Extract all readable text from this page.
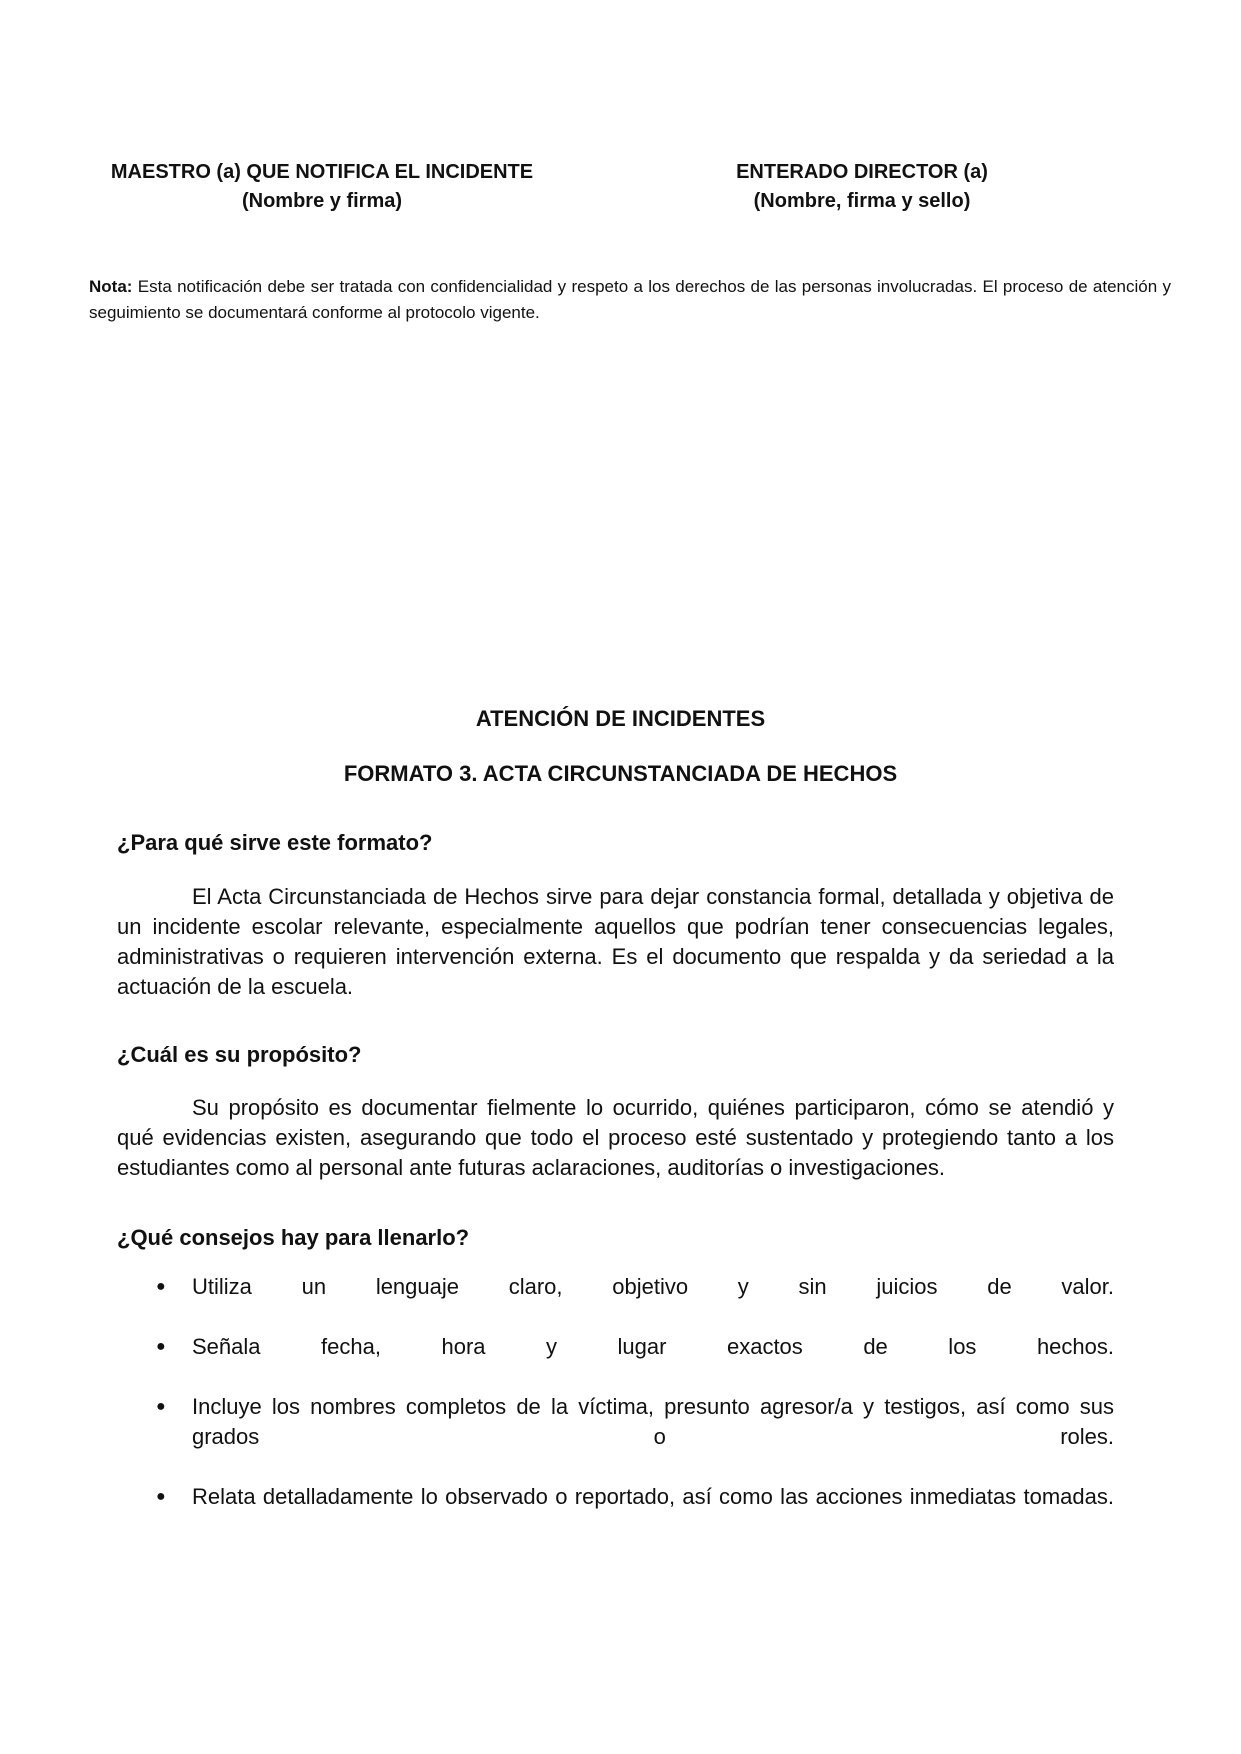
MAESTRO (a) QUE NOTIFICA EL INCIDENTE
(Nombre y firma)
ENTERADO DIRECTOR (a)
(Nombre, firma y sello)
Nota: Esta notificación debe ser tratada con confidencialidad y respeto a los derechos de las personas involucradas. El proceso de atención y seguimiento se documentará conforme al protocolo vigente.
ATENCIÓN DE INCIDENTES
FORMATO 3. ACTA CIRCUNSTANCIADA DE HECHOS
¿Para qué sirve este formato?
El Acta Circunstanciada de Hechos sirve para dejar constancia formal, detallada y objetiva de un incidente escolar relevante, especialmente aquellos que podrían tener consecuencias legales, administrativas o requieren intervención externa. Es el documento que respalda y da seriedad a la actuación de la escuela.
¿Cuál es su propósito?
Su propósito es documentar fielmente lo ocurrido, quiénes participaron, cómo se atendió y qué evidencias existen, asegurando que todo el proceso esté sustentado y protegiendo tanto a los estudiantes como al personal ante futuras aclaraciones, auditorías o investigaciones.
¿Qué consejos hay para llenarlo?
● Utiliza un lenguaje claro, objetivo y sin juicios de valor.
● Señala fecha, hora y lugar exactos de los hechos.
● Incluye los nombres completos de la víctima, presunto agresor/a y testigos, así como sus grados o roles.
● Relata detalladamente lo observado o reportado, así como las acciones inmediatas tomadas.
